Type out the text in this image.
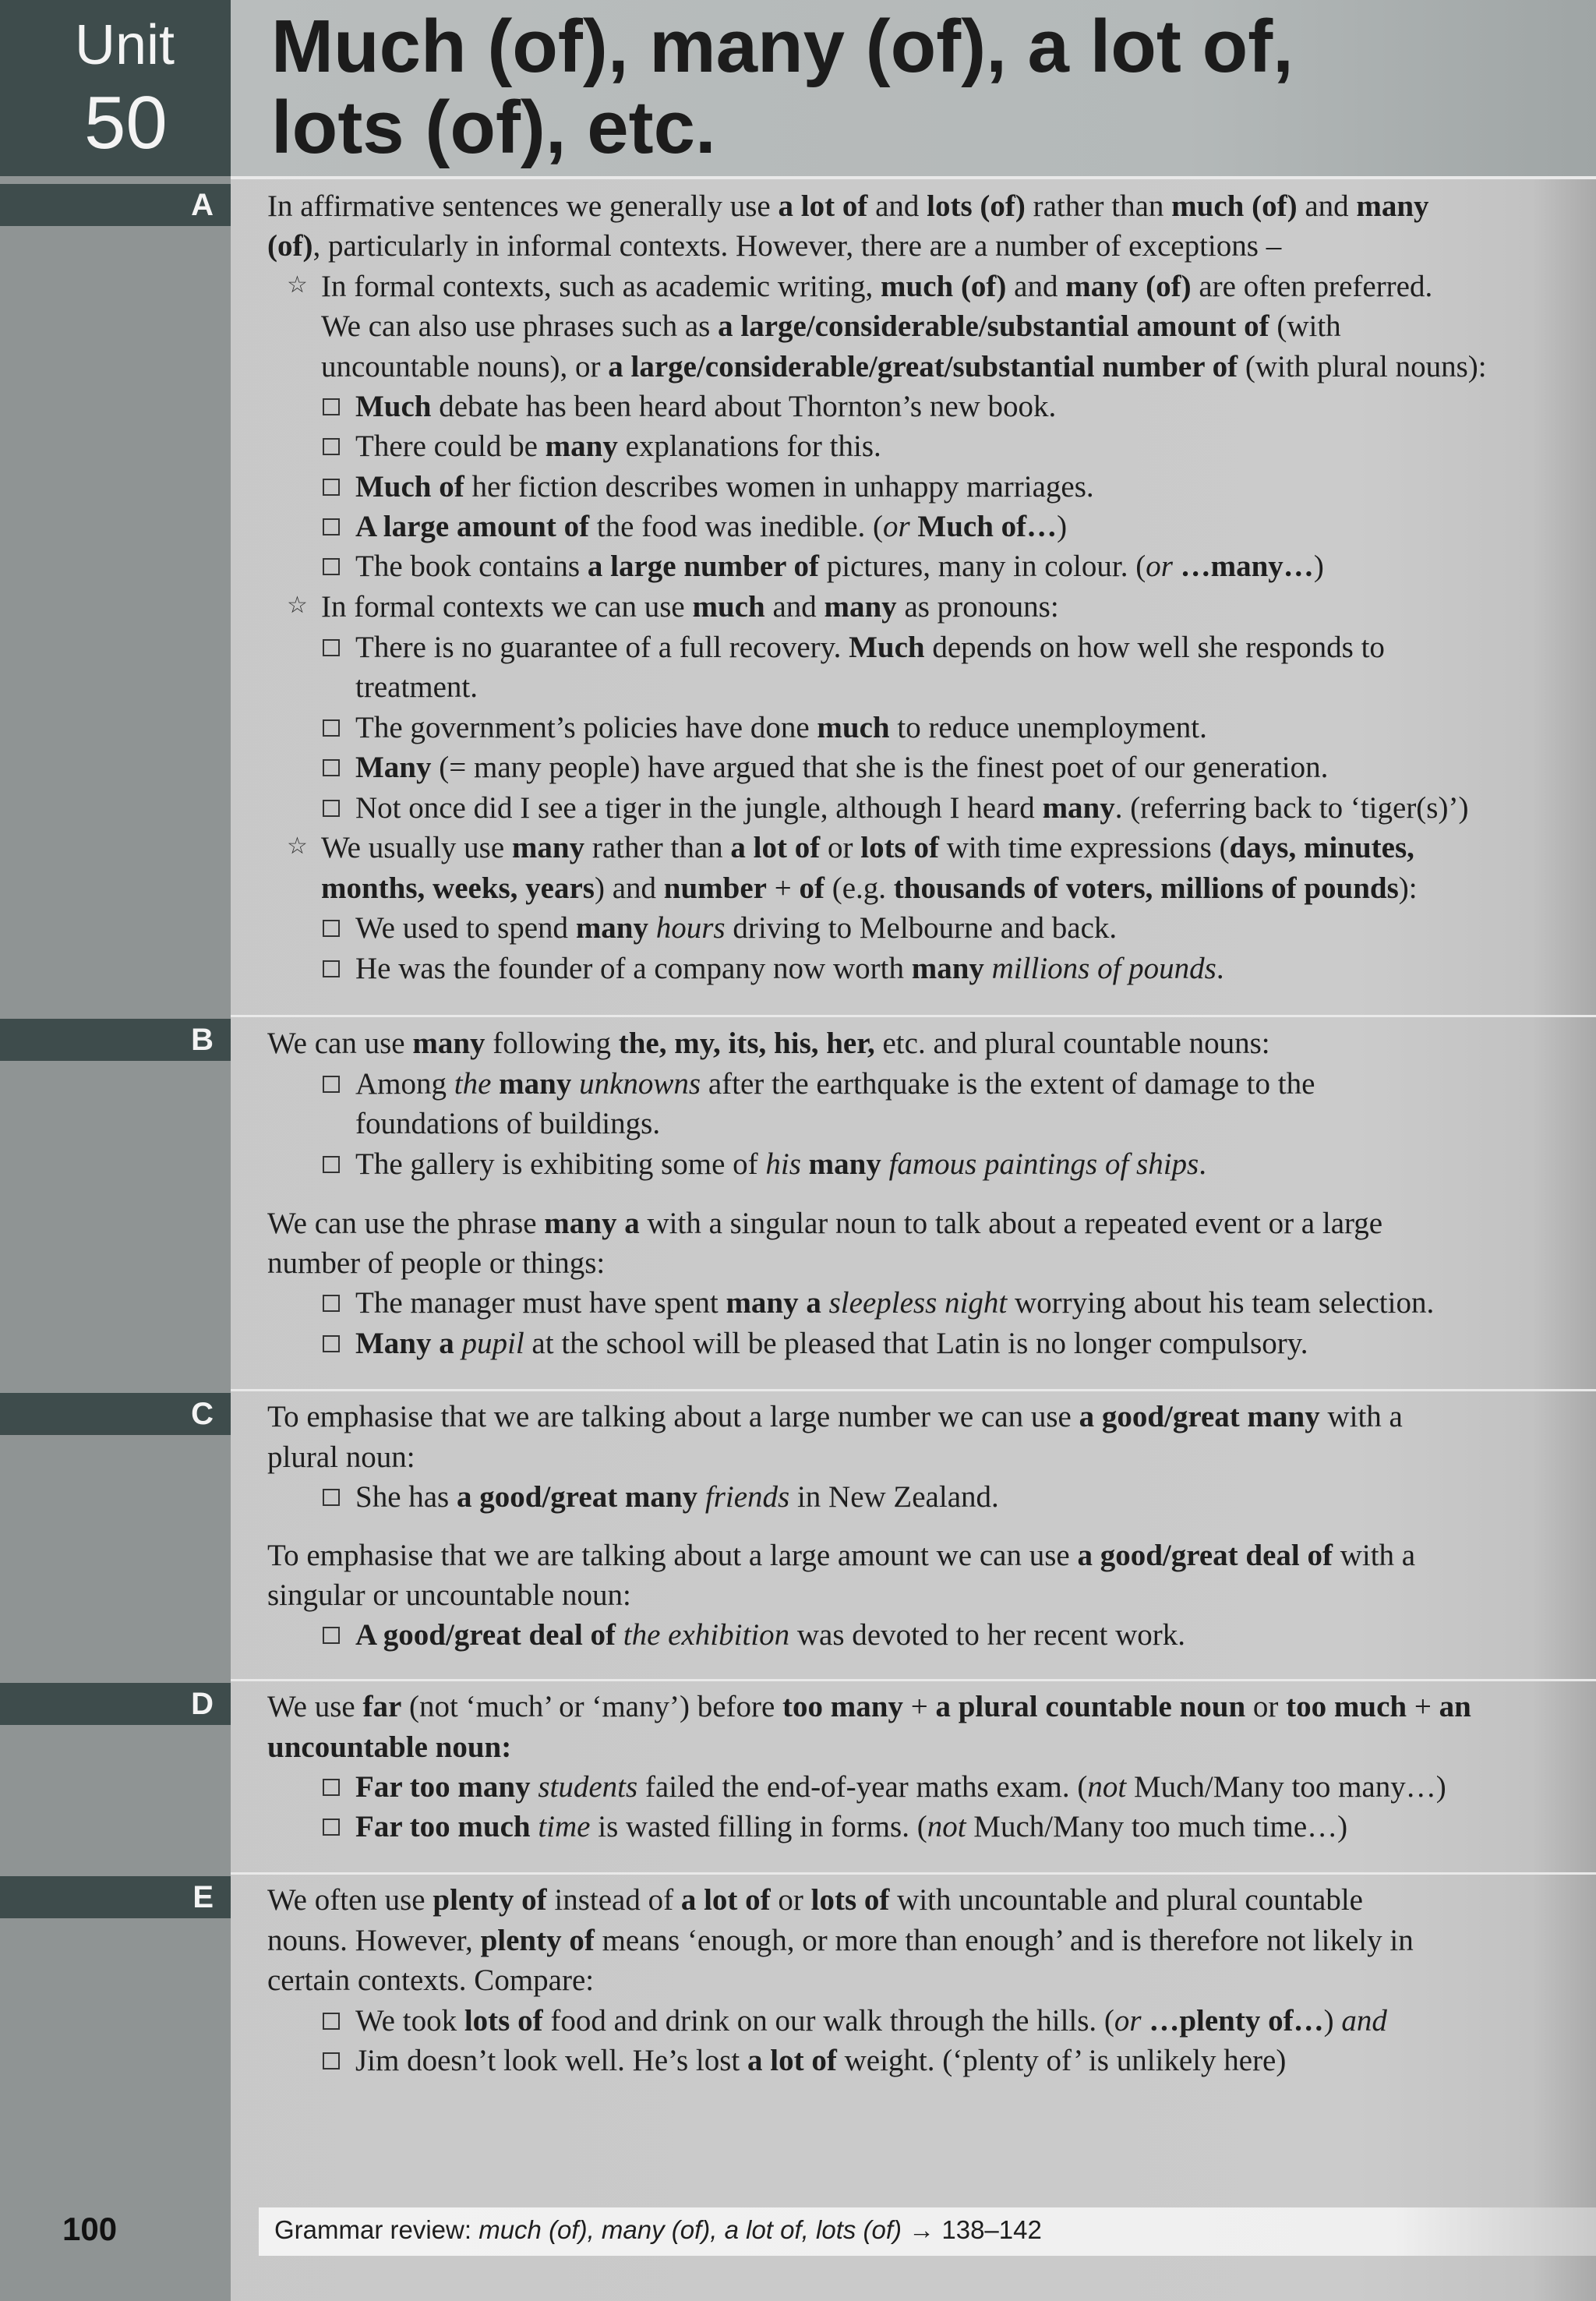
Unit
50
Much (of), many (of), a lot of,
lots (of), etc.
A
B
C
D
E
In affirmative sentences we generally use a lot of and lots (of) rather than much (of) and many
(of), particularly in informal contexts. However, there are a number of exceptions –
☆ In formal contexts, such as academic writing, much (of) and many (of) are often preferred.
We can also use phrases such as a large/considerable/substantial amount of (with
uncountable nouns), or a large/considerable/great/substantial number of (with plural nouns):
Much debate has been heard about Thornton’s new book.
There could be many explanations for this.
Much of her fiction describes women in unhappy marriages.
A large amount of the food was inedible. (or Much of…)
The book contains a large number of pictures, many in colour. (or …many…)
☆ In formal contexts we can use much and many as pronouns:
There is no guarantee of a full recovery. Much depends on how well she responds to
treatment.
The government’s policies have done much to reduce unemployment.
Many (= many people) have argued that she is the finest poet of our generation.
Not once did I see a tiger in the jungle, although I heard many. (referring back to ‘tiger(s)’)
☆ We usually use many rather than a lot of or lots of with time expressions (days, minutes,
months, weeks, years) and number + of (e.g. thousands of voters, millions of pounds):
We used to spend many hours driving to Melbourne and back.
He was the founder of a company now worth many millions of pounds.
We can use many following the, my, its, his, her, etc. and plural countable nouns:
Among the many unknowns after the earthquake is the extent of damage to the
foundations of buildings.
The gallery is exhibiting some of his many famous paintings of ships.
We can use the phrase many a with a singular noun to talk about a repeated event or a large
number of people or things:
The manager must have spent many a sleepless night worrying about his team selection.
Many a pupil at the school will be pleased that Latin is no longer compulsory.
To emphasise that we are talking about a large number we can use a good/great many with a
plural noun:
She has a good/great many friends in New Zealand.
To emphasise that we are talking about a large amount we can use a good/great deal of with a
singular or uncountable noun:
A good/great deal of the exhibition was devoted to her recent work.
We use far (not ‘much’ or ‘many’) before too many + a plural countable noun or too much + an
uncountable noun:
Far too many students failed the end-of-year maths exam. (not Much/Many too many…)
Far too much time is wasted filling in forms. (not Much/Many too much time…)
We often use plenty of instead of a lot of or lots of with uncountable and plural countable
nouns. However, plenty of means ‘enough, or more than enough’ and is therefore not likely in
certain contexts. Compare:
We took lots of food and drink on our walk through the hills. (or …plenty of…) and
Jim doesn’t look well. He’s lost a lot of weight. (‘plenty of’ is unlikely here)
100	Grammar review: much (of), many (of), a lot of, lots (of) → 138–142
